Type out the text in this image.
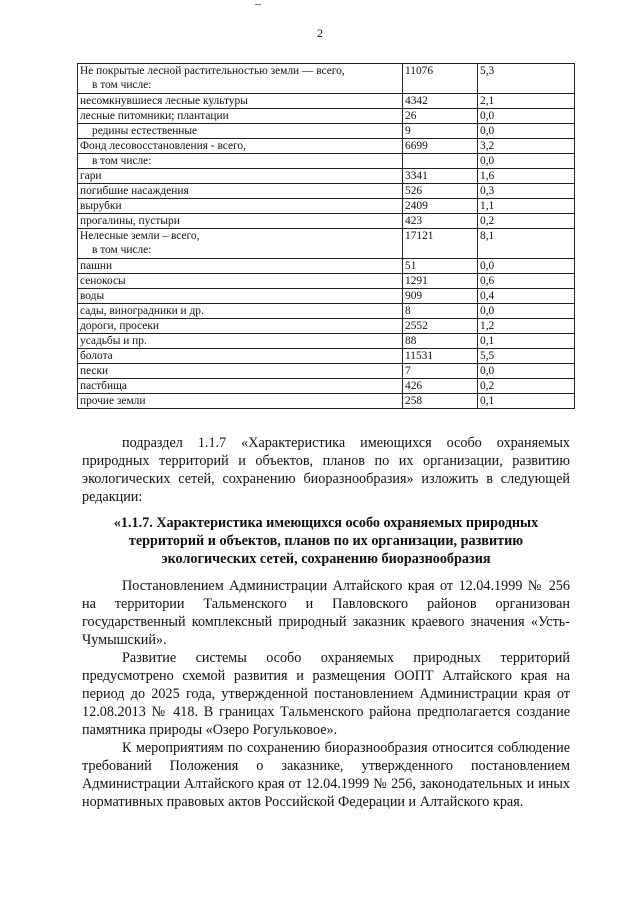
2
Не покрытые лесной растительностью земли — всего,
в том числе:	11076	5,3
несомкнувшиеся лесные культуры	4342	2,1
лесные питомники; плантации	26	0,0
редины естественные	9	0,0
Фонд лесовосстановления - всего,	6699	3,2
в том числе:		0,0
гари	3341	1,6
погибшие насаждения	526	0,3
вырубки	2409	1,1
прогалины, пустыри	423	0,2

Нелесные земли – всего,
в том числе:	17121	8,1
пашни	51	0,0
сенокосы	1291	0,6
воды	909	0,4
сады, виноградники и др.	8	0,0
дороги, просеки	2552	1,2
усадьбы и пр.	88	0,1
болота	11531	5,5
пески	7	0,0
пастбища	426	0,2
прочие земли	258	0,1

подраздел 1.1.7 «Характеристика имеющихся особо охраняемых природных территорий и объектов, планов по их организации, развитию экологических сетей, сохранению биоразнообразия» изложить в следующей редакции:

«1.1.7. Характеристика имеющихся особо охраняемых природных территорий и объектов, планов по их организации, развитию экологических сетей, сохранению биоразнообразия

Постановлением Администрации Алтайского края от 12.04.1999 № 256 на территории Тальменского и Павловского районов организован государственный комплексный природный заказник краевого значения «Усть-Чумышский».

Развитие системы особо охраняемых природных территорий предусмотрено схемой развития и размещения ООПТ Алтайского края на период до 2025 года, утвержденной постановлением Администрации края от 12.08.2013 № 418. В границах Тальменского района предполагается создание памятника природы «Озеро Рогульковое».

К мероприятиям по сохранению биоразнообразия относится соблюдение требований Положения о заказнике, утвержденного постановлением Администрации Алтайского края от 12.04.1999 № 256, законодательных и иных нормативных правовых актов Российской Федерации и Алтайского края.
